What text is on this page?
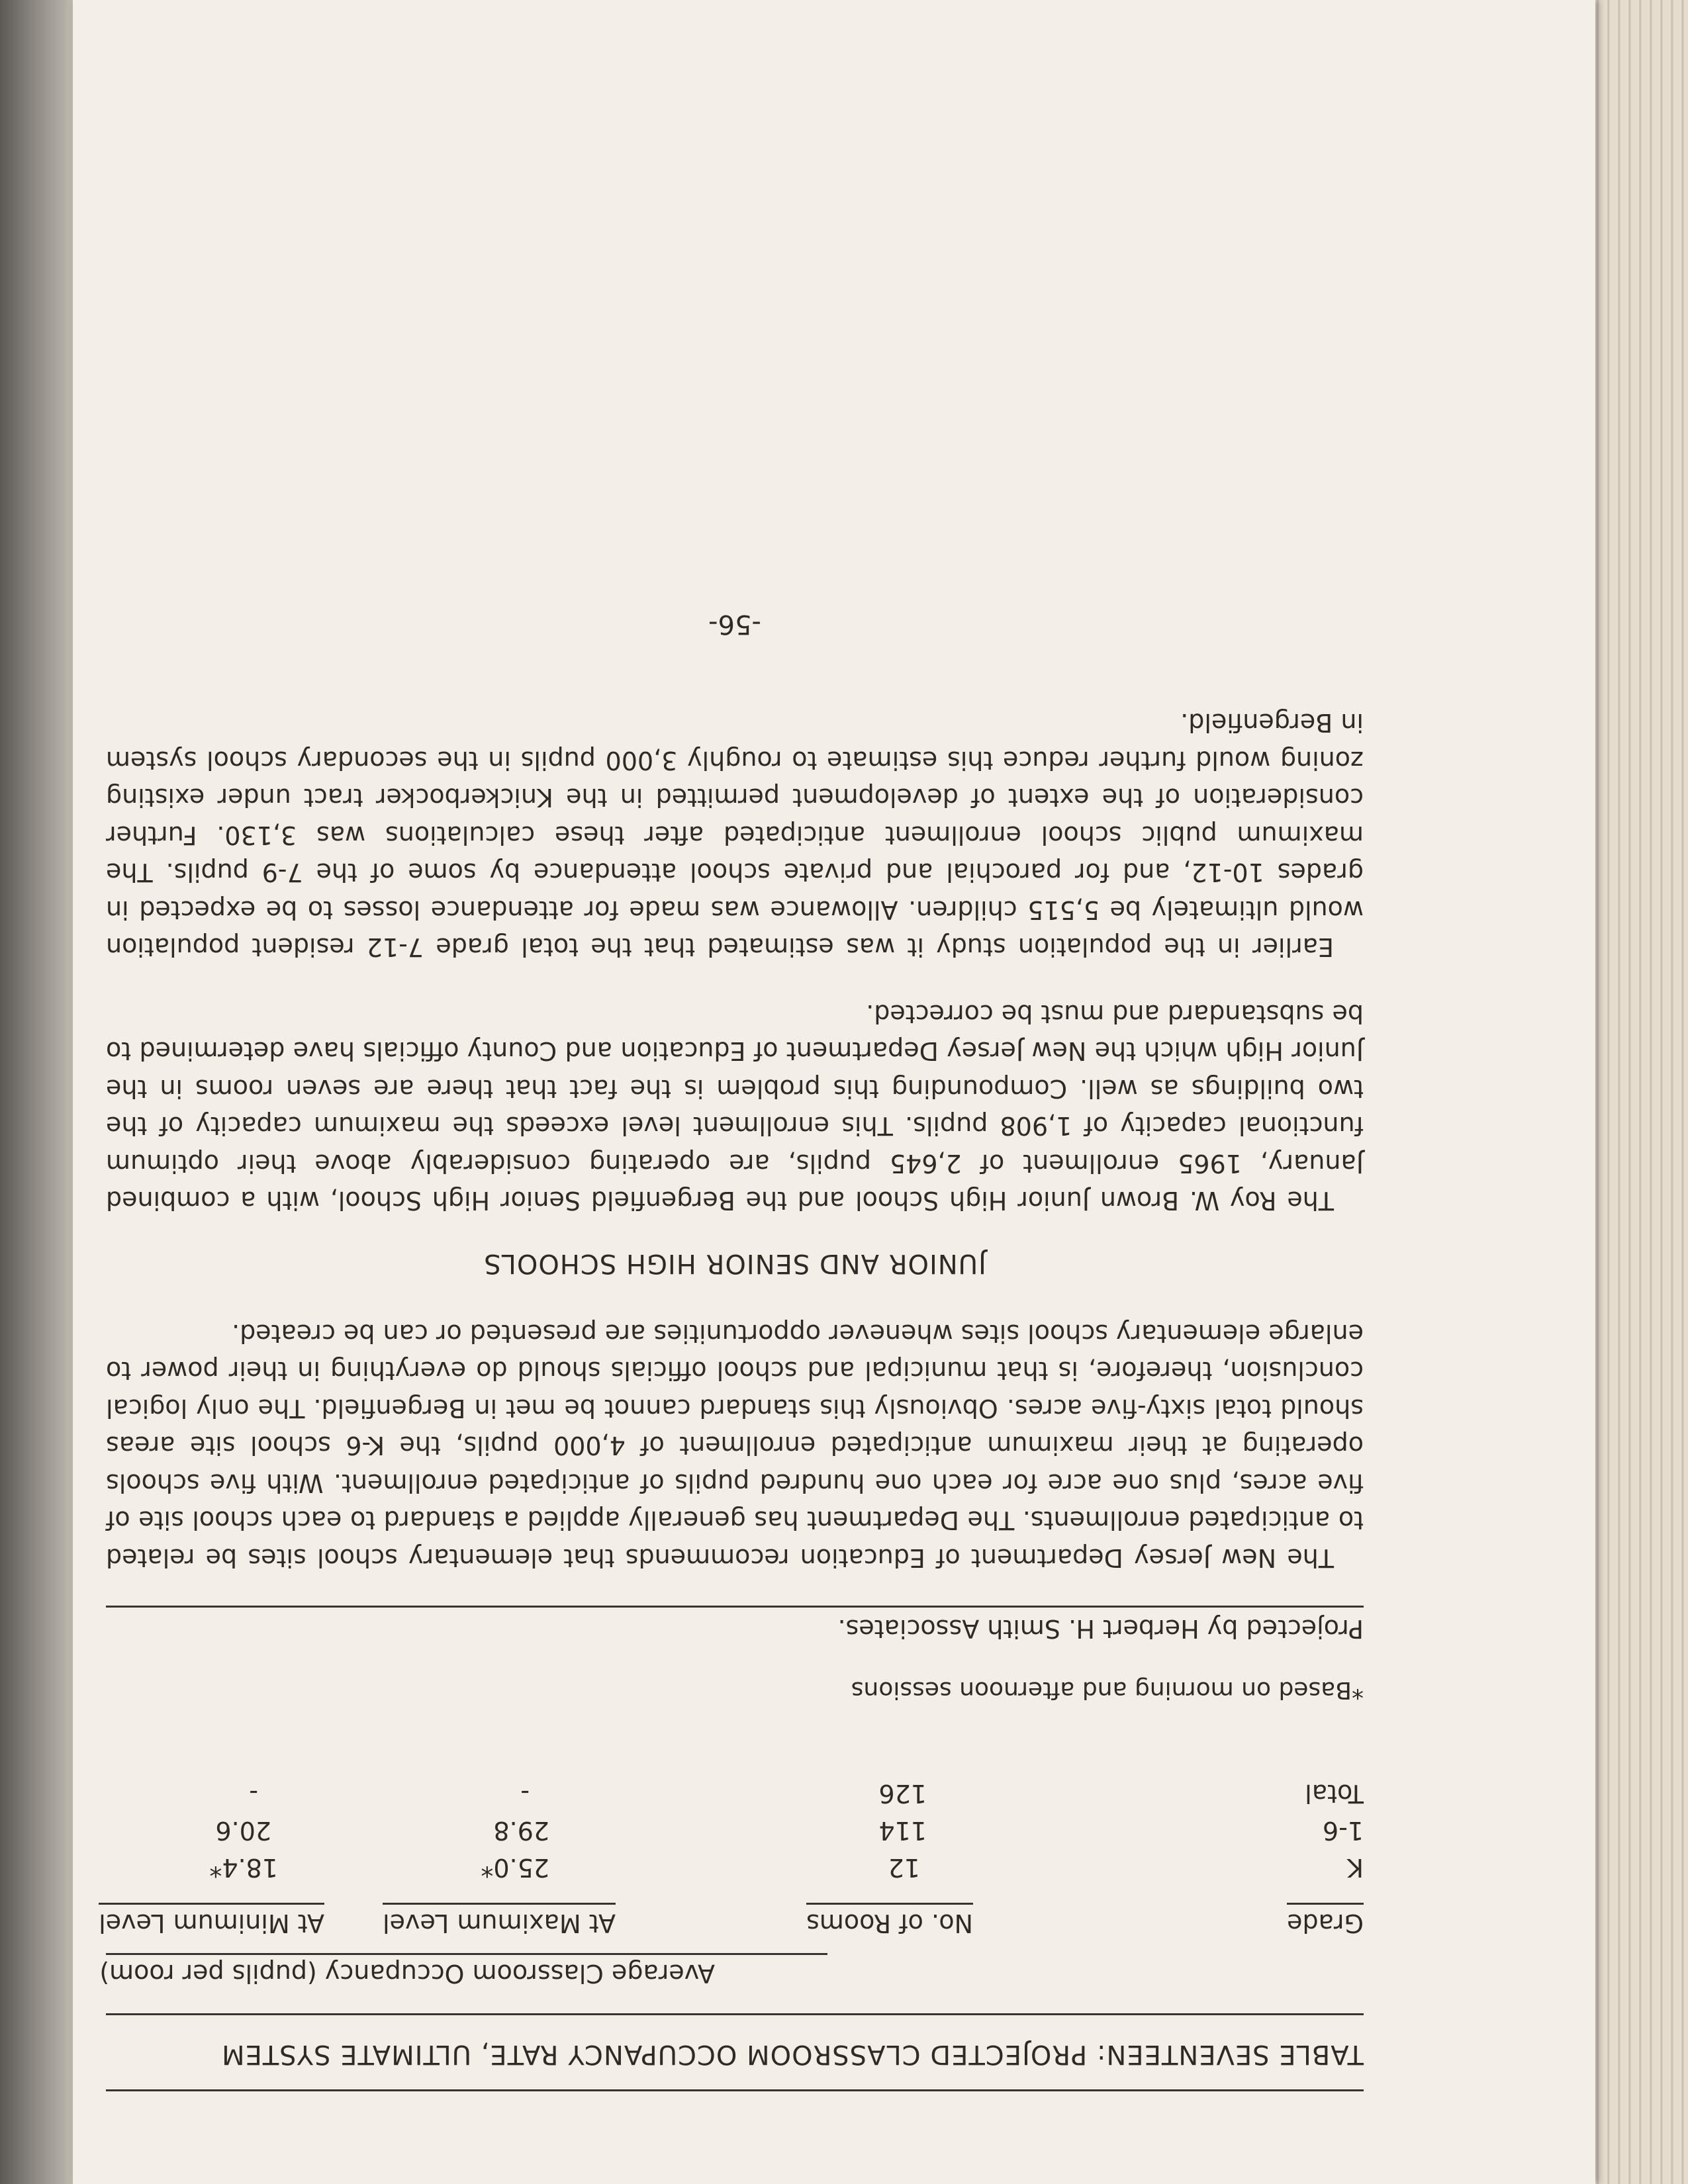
TABLE SEVENTEEN: PROJECTED CLASSROOM OCCUPANCY RATE, ULTIMATE SYSTEM
Average Classroom Occupancy (pupils per room)
Grade
No. of Rooms
At Maximum Level
At Minimum Level
K
12
25.0*
18.4*
1-6
114
29.8
20.6
Total
126
-
-
*Based on morning and afternoon sessions
Projected by Herbert H. Smith Associates.

The New Jersey Department of Education recommends that elementary school sites be related to anticipated enrollments. The Department has generally applied a standard to each school site of five acres, plus one acre for each one hundred pupils of anticipated enrollment. With five schools operating at their maximum anticipated enrollment of 4,000 pupils, the K-6 school site areas should total sixty-five acres. Obviously this standard cannot be met in Bergenfield. The only logical conclusion, therefore, is that municipal and school officials should do everything in their power to enlarge elementary school sites whenever opportunities are presented or can be created.

JUNIOR AND SENIOR HIGH SCHOOLS

The Roy W. Brown Junior High School and the Bergenfield Senior High School, with a combined January, 1965 enrollment of 2,645 pupils, are operating considerably above their optimum functional capacity of 1,908 pupils. This enrollment level exceeds the maximum capacity of the two buildings as well. Compounding this problem is the fact that there are seven rooms in the Junior High which the New Jersey Department of Education and County officials have determined to be substandard and must be corrected.

Earlier in the population study it was estimated that the total grade 7-12 resident population would ultimately be 5,515 children. Allowance was made for attendance losses to be expected in grades 10-12, and for parochial and private school attendance by some of the 7-9 pupils. The maximum public school enrollment anticipated after these calculations was 3,130. Further consideration of the extent of development permitted in the Knickerbocker tract under existing zoning would further reduce this estimate to roughly 3,000 pupils in the secondary school system in Bergenfield.

-56-
